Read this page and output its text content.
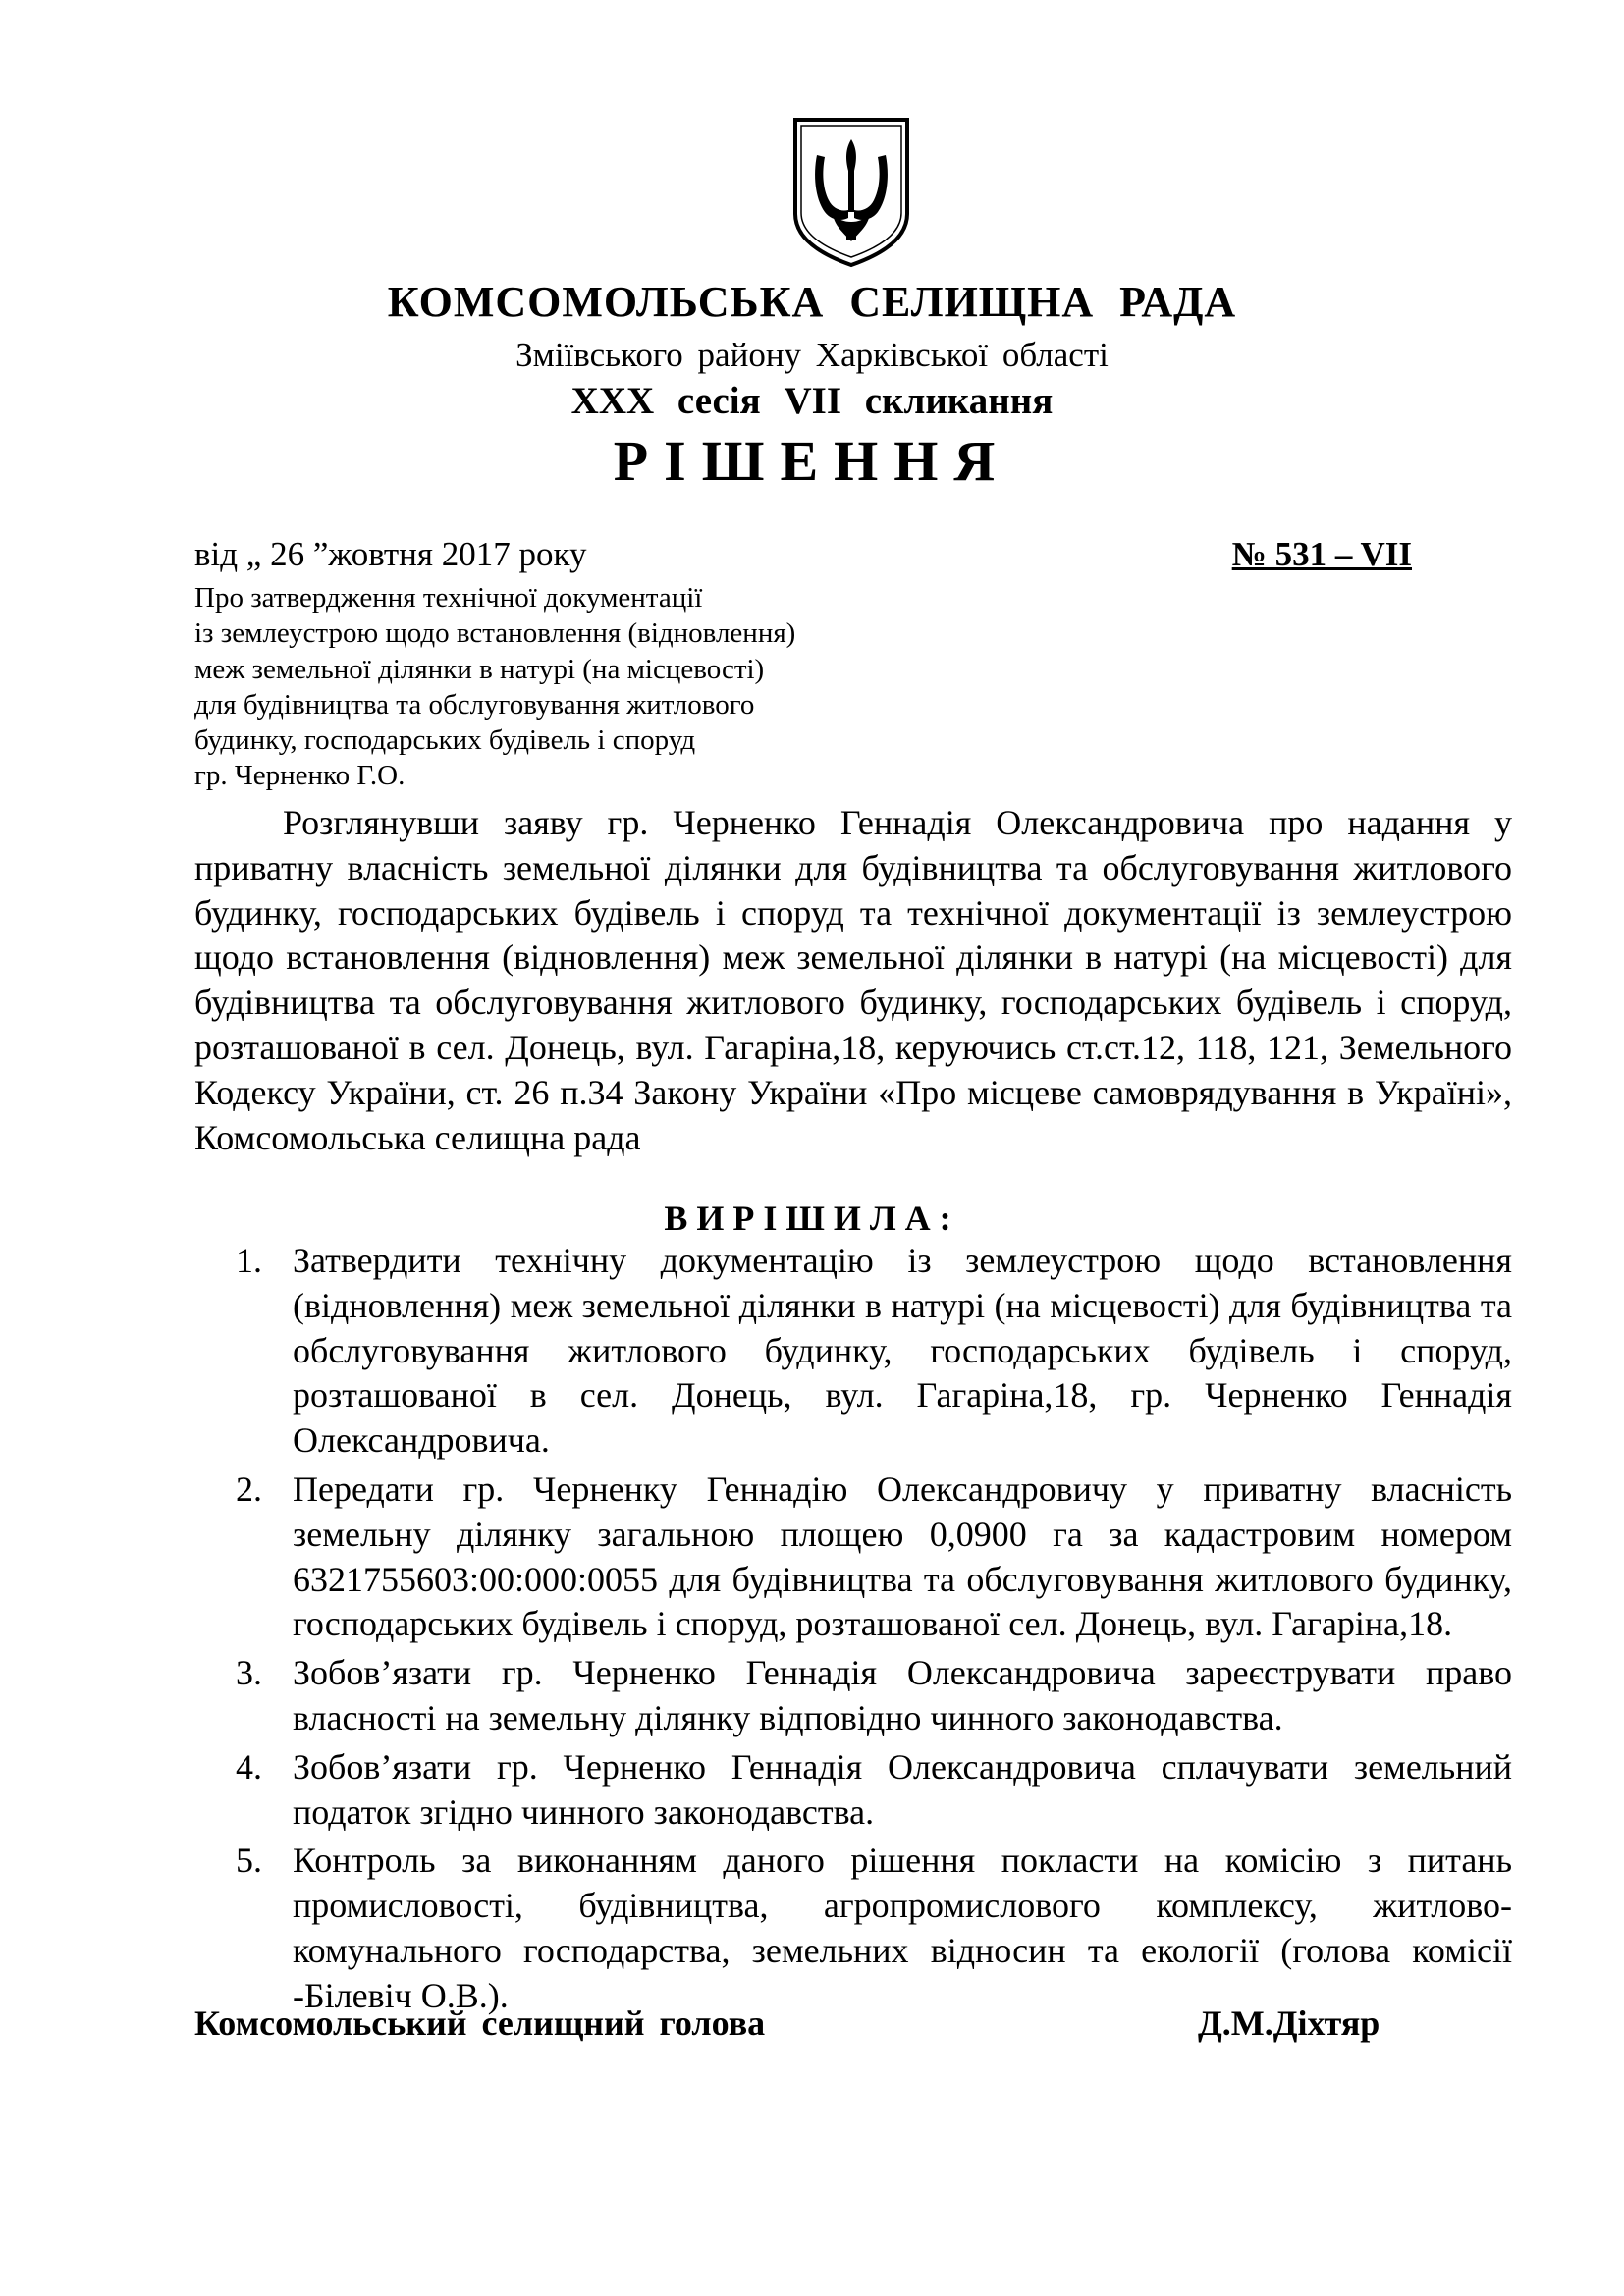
КОМСОМОЛЬСЬКА СЕЛИЩНА РАДА
Зміївського району Харківської області
XXX сесія VII скликання
РІШЕННЯ
від „ 26 ”жовтня 2017 року	№ 531 – VII
Про затвердження технічної документації
із землеустрою щодо встановлення (відновлення)
меж земельної ділянки в натурі (на місцевості)
для будівництва та обслуговування житлового
будинку, господарських будівель і споруд
гр. Черненко Г.О.

Розглянувши заяву гр. Черненко Геннадія Олександровича про надання у приватну власність земельної ділянки для будівництва та обслуговування житлового будинку, господарських будівель і споруд та технічної документації із землеустрою щодо встановлення (відновлення) меж земельної ділянки в натурі (на місцевості) для будівництва та обслуговування житлового будинку, господарських будівель і споруд, розташованої в сел. Донець, вул. Гагаріна,18, керуючись ст.ст.12, 118, 121, Земельного Кодексу України, ст. 26 п.34 Закону України «Про місцеве самоврядування в Україні», Комсомольська селищна рада

ВИРІШИЛА:
1. Затвердити технічну документацію із землеустрою щодо встановлення (відновлення) меж земельної ділянки в натурі (на місцевості) для будівництва та обслуговування житлового будинку, господарських будівель і споруд, розташованої в сел. Донець, вул. Гагаріна,18, гр. Черненко Геннадія Олександровича.
2. Передати гр. Черненку Геннадію Олександровичу у приватну власність земельну ділянку загальною площею 0,0900 га за кадастровим номером 6321755603:00:000:0055 для будівництва та обслуговування житлового будинку, господарських будівель і споруд, розташованої сел. Донець, вул. Гагаріна,18.
3. Зобов’язати гр. Черненко Геннадія Олександровича зареєструвати право власності на земельну ділянку відповідно чинного законодавства.
4. Зобов’язати гр. Черненко Геннадія Олександровича сплачувати земельний податок згідно чинного законодавства.
5. Контроль за виконанням даного рішення покласти на комісію з питань промисловості, будівництва, агропромислового комплексу, житлово-комунального господарства, земельних відносин та екології (голова комісії -Білевіч О.В.).
Комсомольський селищний голова	Д.М.Діхтяр
